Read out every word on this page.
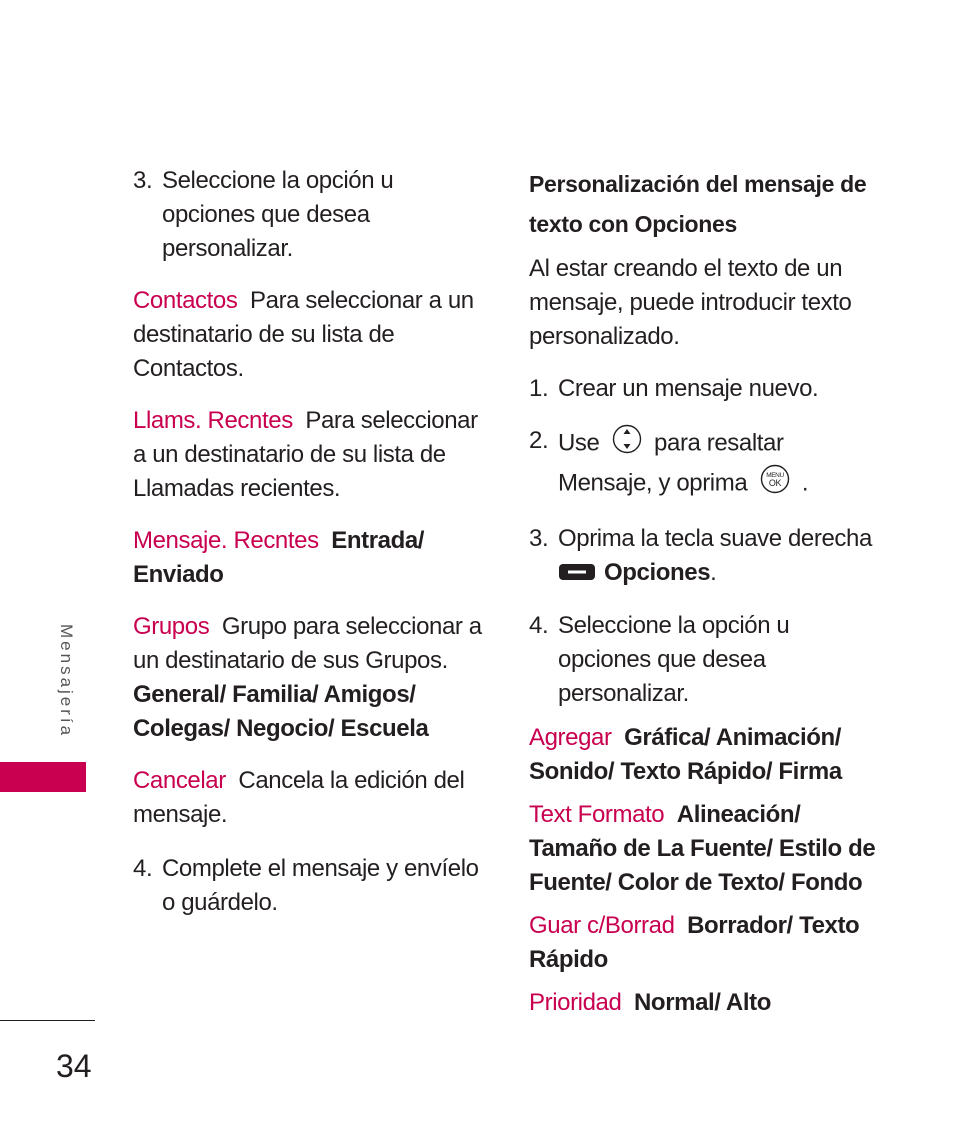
3. Seleccione la opción u opciones que desea personalizar.

Contactos Para seleccionar a un destinatario de su lista de Contactos.

Llams. Recntes Para seleccionar a un destinatario de su lista de Llamadas recientes.

Mensaje. Recntes Entrada/ Enviado

Grupos Grupo para seleccionar a un destinatario de sus Grupos. General/ Familia/ Amigos/ Colegas/ Negocio/ Escuela

Cancelar Cancela la edición del mensaje.

4. Complete el mensaje y envíelo o guárdelo.

Personalización del mensaje de texto con Opciones

Al estar creando el texto de un mensaje, puede introducir texto personalizado.

1. Crear un mensaje nuevo.

2. Use para resaltar Mensaje, y oprima	MENU
OK .

3. Oprima la tecla suave derecha
Opciones.

4. Seleccione la opción u opciones que desea personalizar.

Agregar Gráfica/ Animación/ Sonido/ Texto Rápido/ Firma

Text Formato Alineación/ Tamaño de La Fuente/ Estilo de Fuente/ Color de Texto/ Fondo

Guar c/Borrad Borrador/ Texto Rápido

Prioridad Normal/ Alto

Mensajería
34
